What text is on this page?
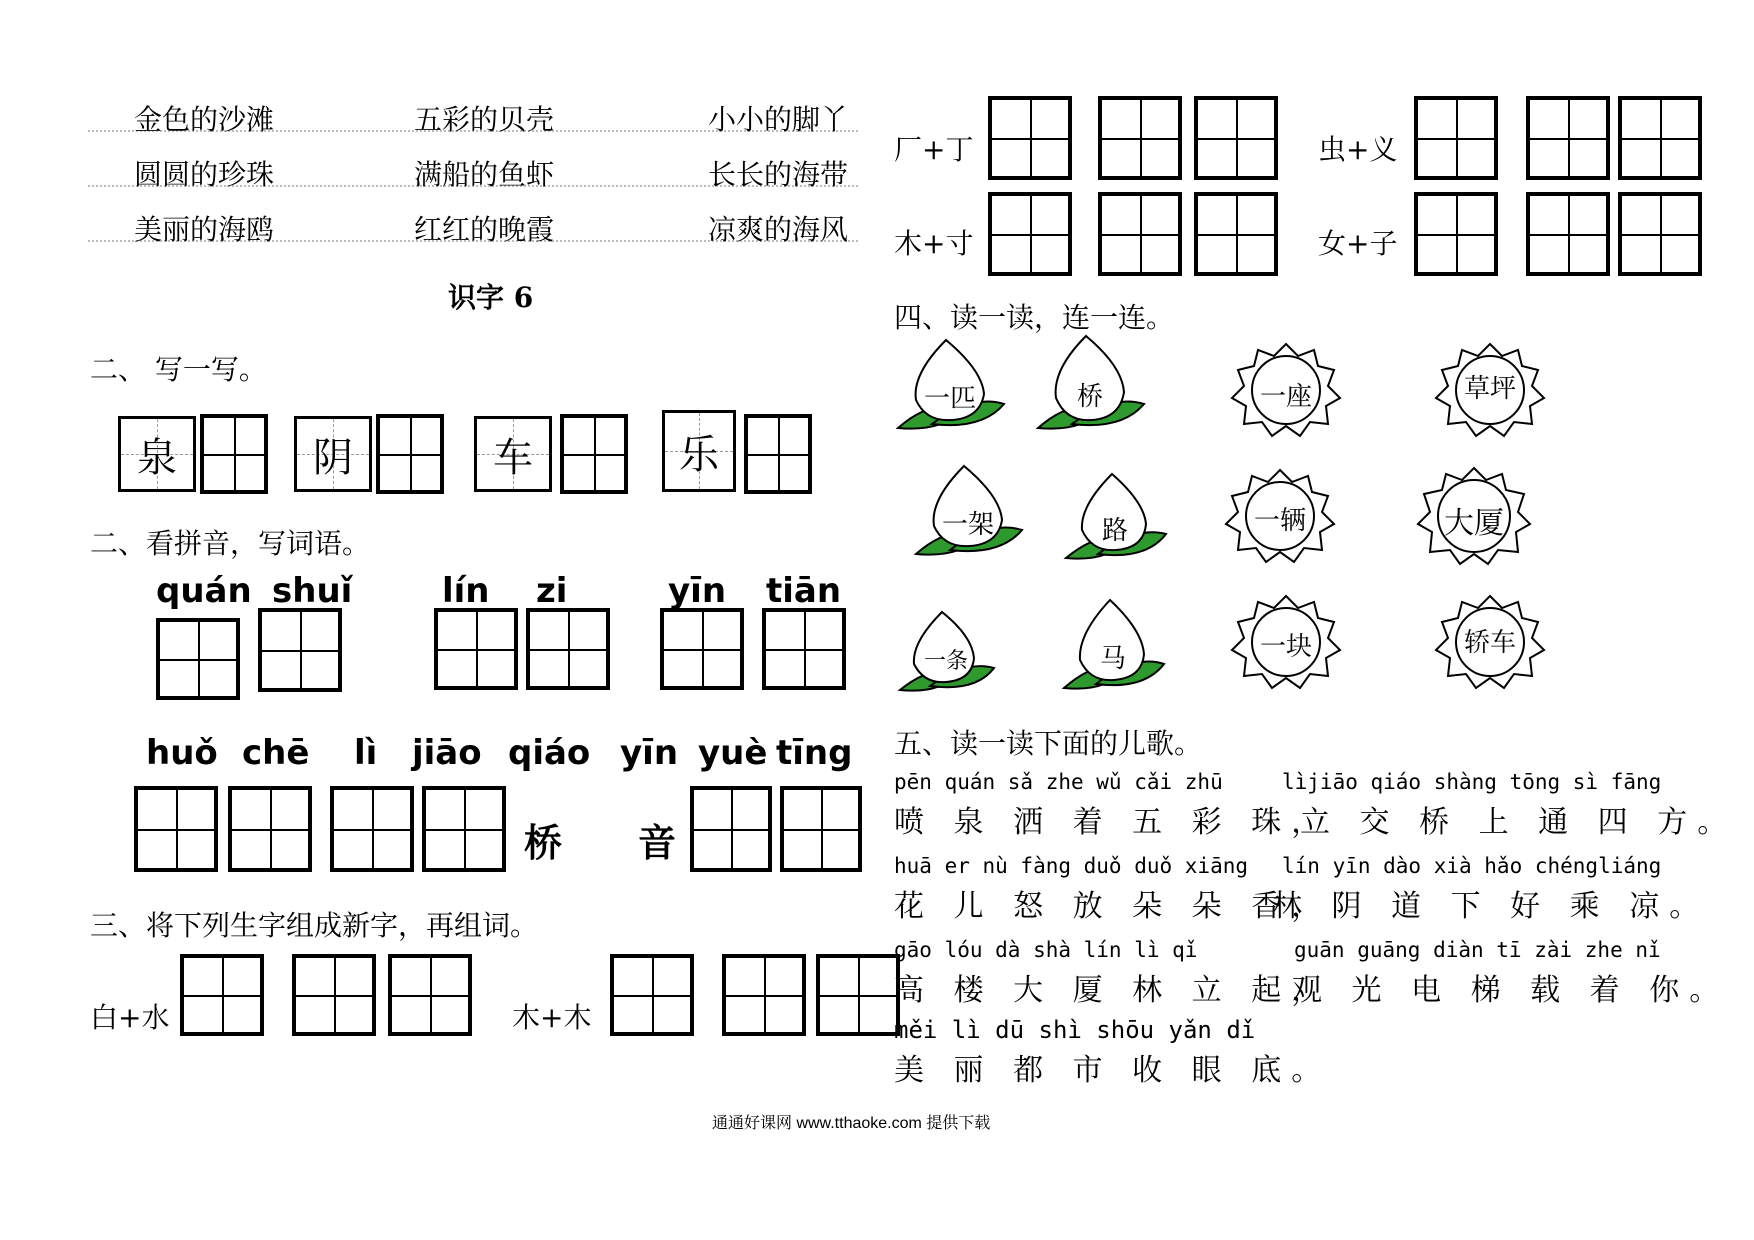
金色的沙滩	五彩的贝壳	小小的脚丫
圆圆的珍珠	满船的鱼虾	长长的海带
美丽的海鸥	红红的晚霞	凉爽的海风
识字 6
二、 写一写。
泉	阴	车	乐
二、看拼音，写词语。
quán shuǐ	lín zi	yīn tiān
huǒ chē lì jiāo qiáo yīn yuè tīng
桥 音
三、将下列生字组成新字，再组词。
白+水	木+木
厂+丁	虫+义
木+寸	女+子
四、读一读，连一连。
一匹	桥
一架	路
一条	马
一座	草坪
一辆	大厦
一块	轿车
五、读一读下面的儿歌。
pēn quán sǎ zhe wǔ cǎi zhū	lìjiāo qiáo shàng tōng sì fāng
喷 泉 洒 着 五 彩 珠，
立 交 桥 上 通 四 方。
huā er nù fàng duǒ duǒ xiāng lín yīn dào xià hǎo chéngliáng
花 儿 怒 放 朵 朵 香，
林 阴 道 下 好 乘 凉。
gāo lóu dà shà lín lì qǐ	guān guāng diàn tī zài zhe nǐ
高 楼 大 厦 林 立 起，
观 光 电 梯 载 着 你。
měi lì dū shì shōu yǎn dǐ
美 丽 都 市 收 眼 底。
通通好课网 www.tthaoke.com 提供下载
